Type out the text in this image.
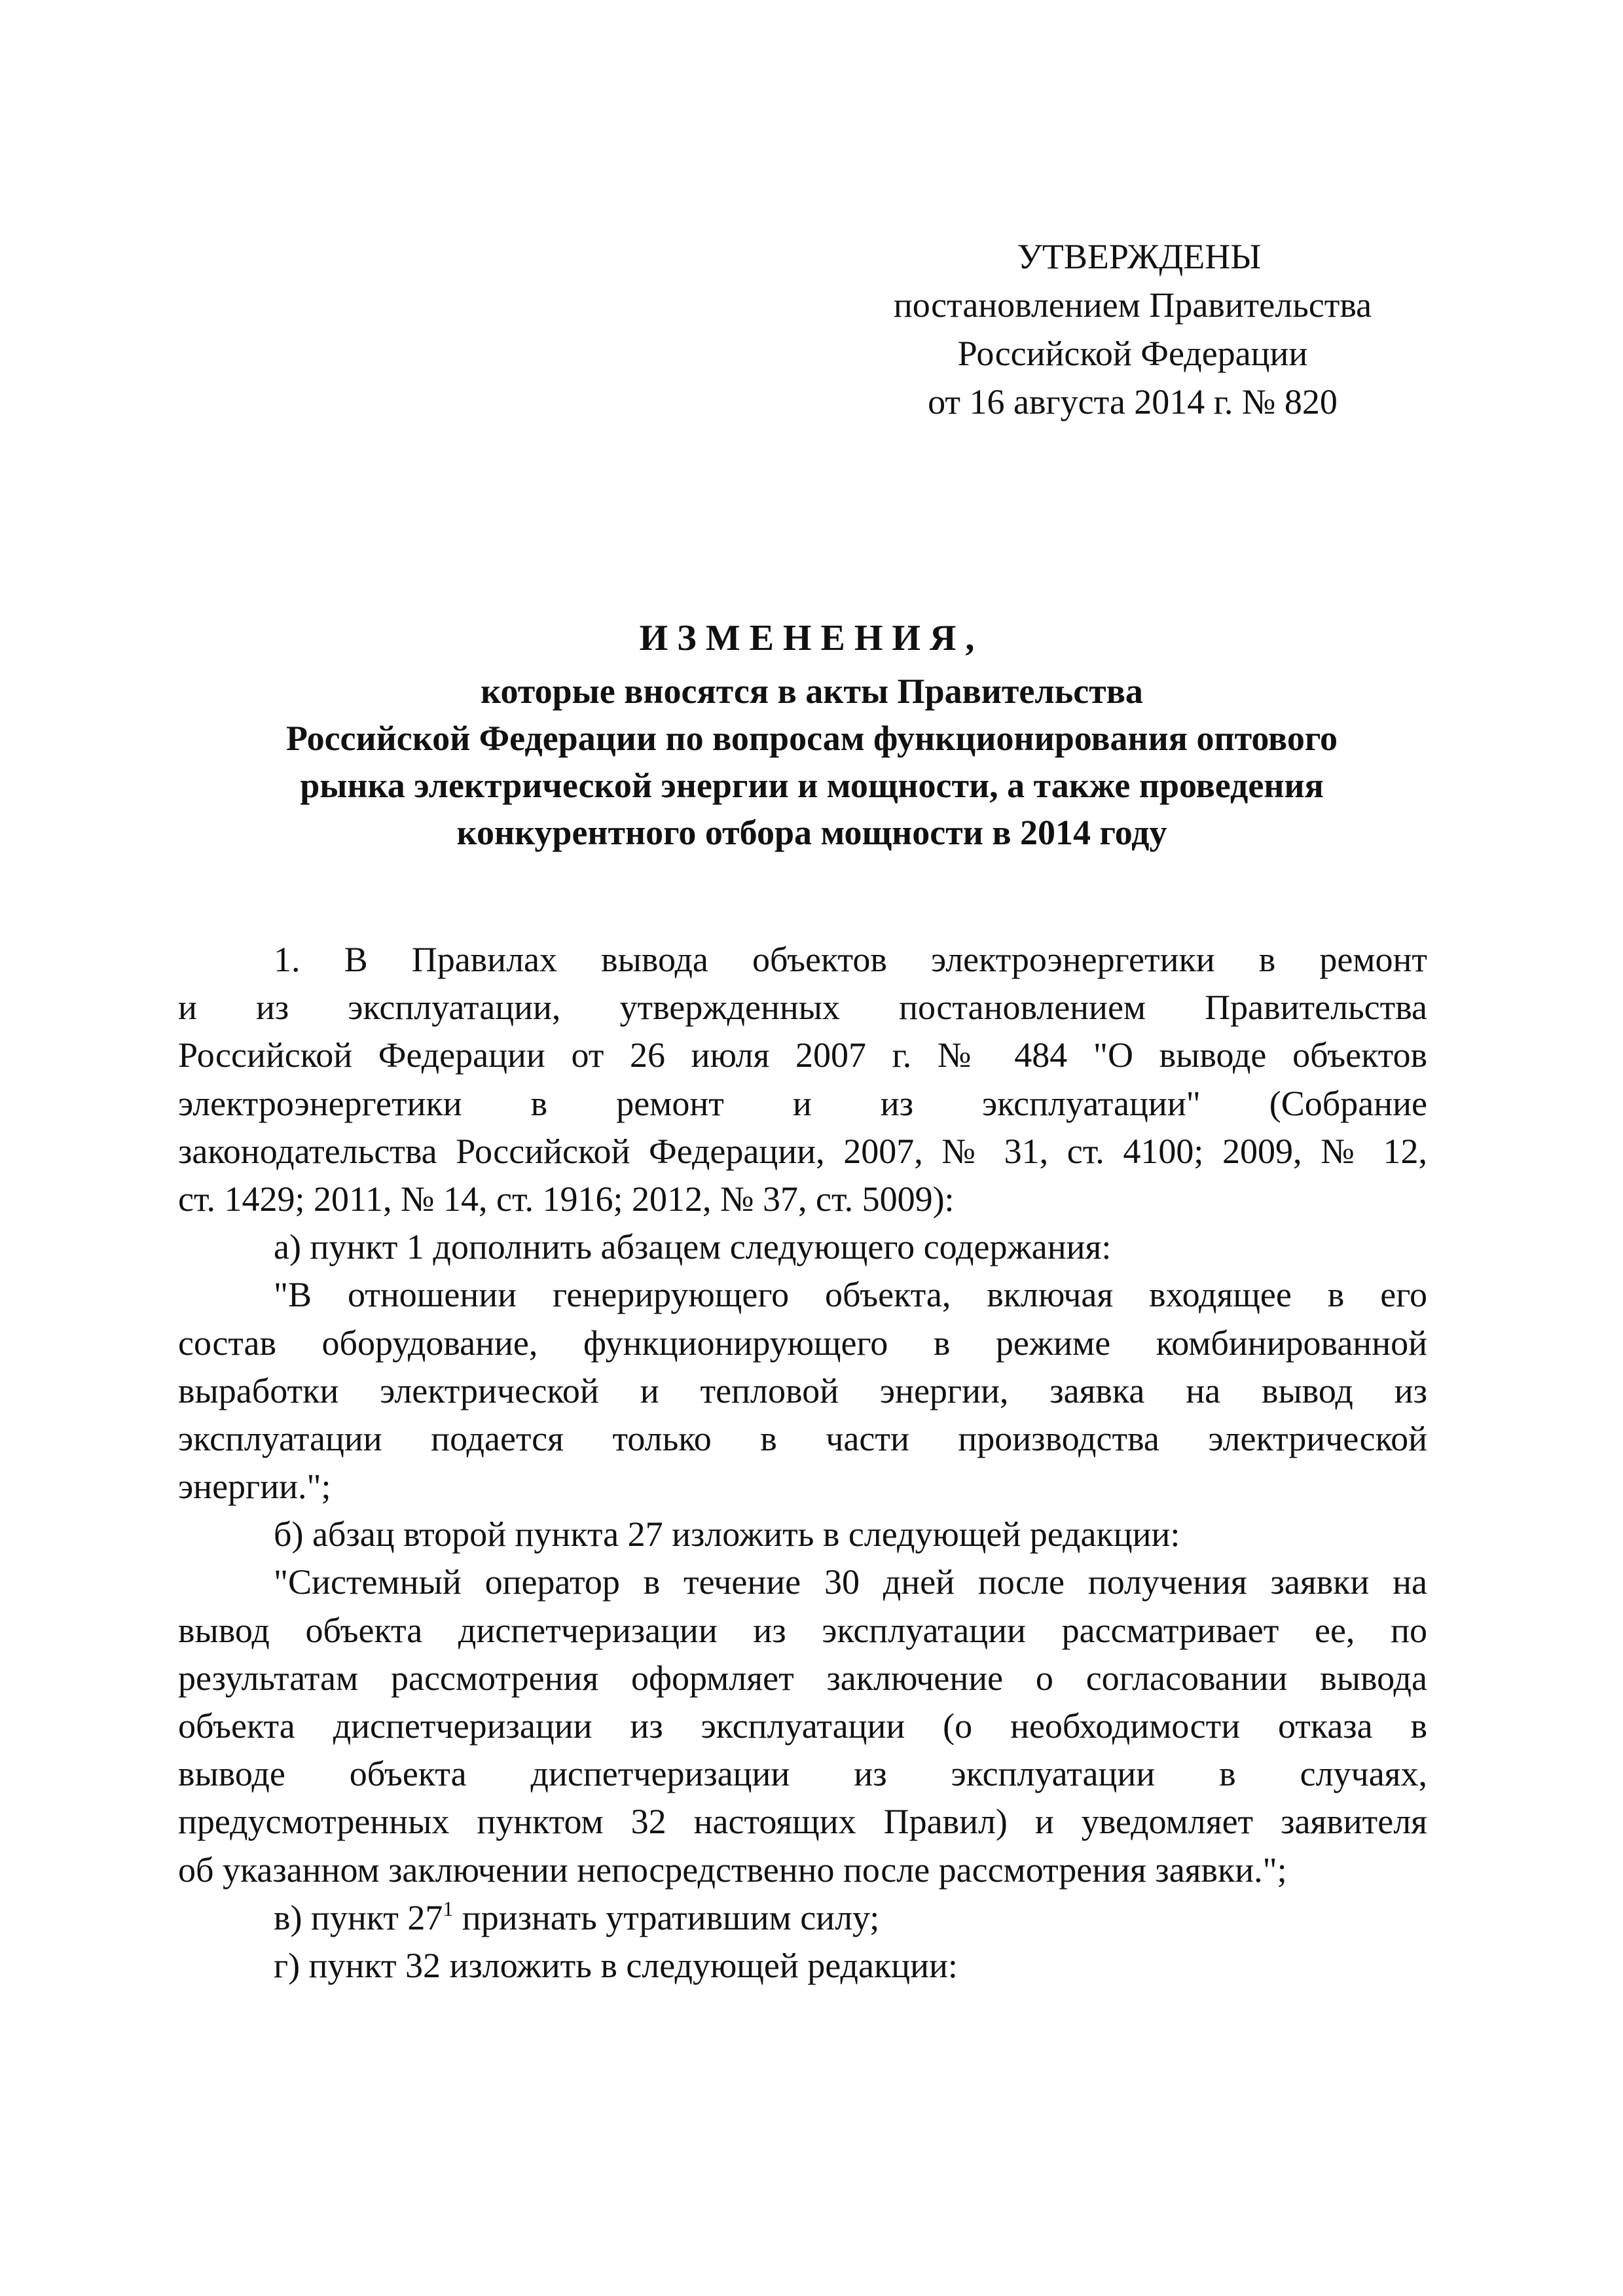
УТВЕРЖДЕНЫ
постановлением Правительства
Российской Федерации
от 16 августа 2014 г. № 820
ИЗМЕНЕНИЯ,
которые вносятся в акты Правительства
Российской Федерации по вопросам функционирования оптового
рынка электрической энергии и мощности, а также проведения
конкурентного отбора мощности в 2014 году
1. В Правилах вывода объектов электроэнергетики в ремонт
и из эксплуатации, утвержденных постановлением Правительства
Российской Федерации от 26 июля 2007 г. № 484 "О выводе объектов
электроэнергетики в ремонт и из эксплуатации" (Собрание
законодательства Российской Федерации, 2007, № 31, ст. 4100; 2009, № 12,
ст. 1429; 2011, № 14, ст. 1916; 2012, № 37, ст. 5009):
а) пункт 1 дополнить абзацем следующего содержания:
"В отношении генерирующего объекта, включая входящее в его
состав оборудование, функционирующего в режиме комбинированной
выработки электрической и тепловой энергии, заявка на вывод из
эксплуатации подается только в части производства электрической
энергии.";
б) абзац второй пункта 27 изложить в следующей редакции:
"Системный оператор в течение 30 дней после получения заявки на
вывод объекта диспетчеризации из эксплуатации рассматривает ее, по
результатам рассмотрения оформляет заключение о согласовании вывода
объекта диспетчеризации из эксплуатации (о необходимости отказа в
выводе объекта диспетчеризации из эксплуатации в случаях,
предусмотренных пунктом 32 настоящих Правил) и уведомляет заявителя
об указанном заключении непосредственно после рассмотрения заявки.";
в) пункт $27^1$ признать утратившим силу;
г) пункт 32 изложить в следующей редакции:
